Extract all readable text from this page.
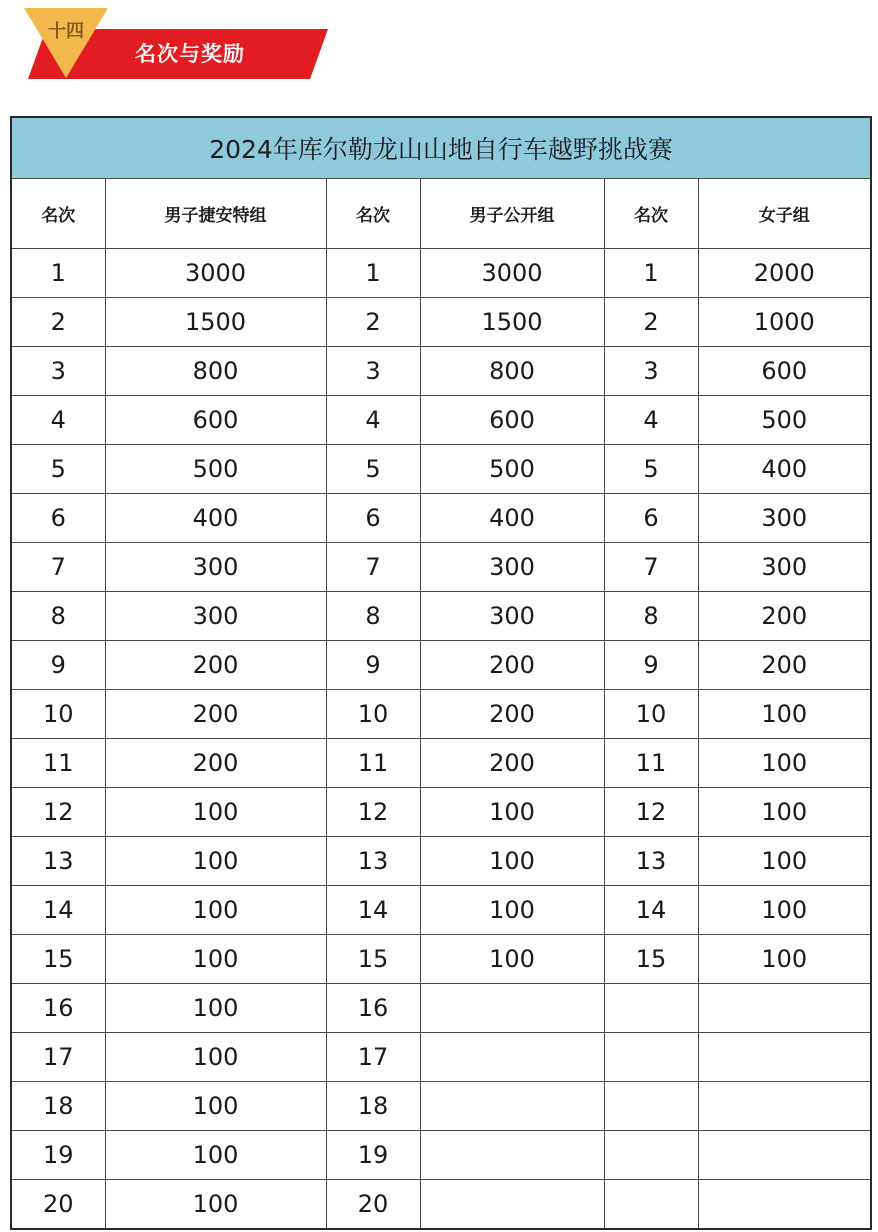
十四
名次与奖励
2024年库尔勒龙山山地自行车越野挑战赛					
名次	男子捷安特组	名次	男子公开组	名次	女子组
1	3000	1	3000	1	2000
2	1500	2	1500	2	1000
3	800	3	800	3	600
4	600	4	600	4	500
5	500	5	500	5	400
6	400	6	400	6	300
7	300	7	300	7	300
8	300	8	300	8	200
9	200	9	200	9	200
10	200	10	200	10	100
11	200	11	200	11	100
12	100	12	100	12	100
13	100	13	100	13	100
14	100	14	100	14	100
15	100	15	100	15	100
16	100	16			
17	100	17			
18	100	18			
19	100	19			
20	100	20			
